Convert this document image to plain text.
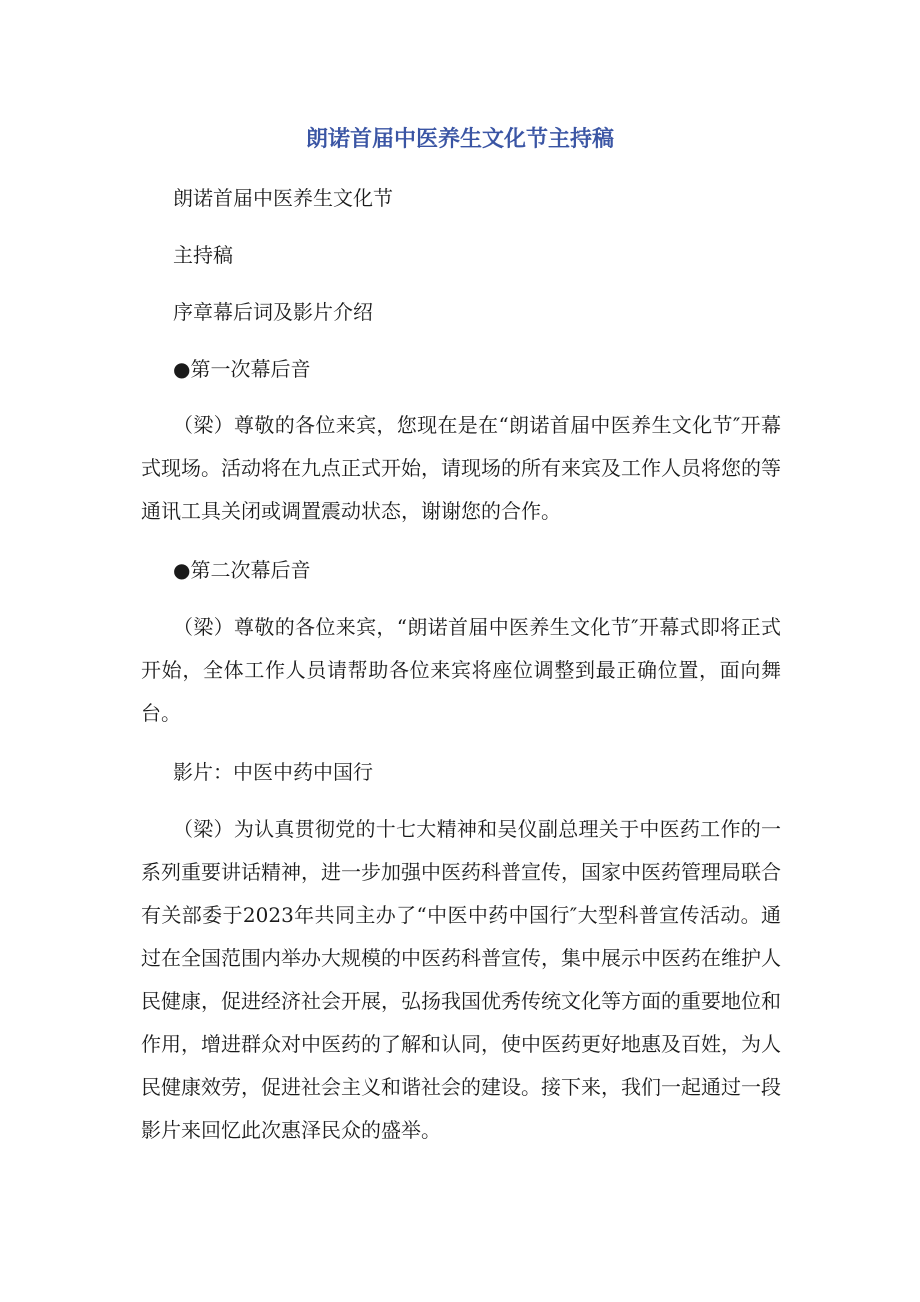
朗诺首届中医养生文化节主持稿

朗诺首届中医养生文化节

主持稿

序章幕后词及影片介绍

●第一次幕后音

（梁）尊敬的各位来宾，您现在是在“朗诺首届中医养生文化节″开幕式现场。活动将在九点正式开始，请现场的所有来宾及工作人员将您的等通讯工具关闭或调置震动状态，谢谢您的合作。

●第二次幕后音

（梁）尊敬的各位来宾，“朗诺首届中医养生文化节″开幕式即将正式开始，全体工作人员请帮助各位来宾将座位调整到最正确位置，面向舞台。

影片：中医中药中国行

（梁）为认真贯彻党的十七大精神和吴仪副总理关于中医药工作的一系列重要讲话精神，进一步加强中医药科普宣传，国家中医药管理局联合有关部委于2023年共同主办了“中医中药中国行″大型科普宣传活动。通过在全国范围内举办大规模的中医药科普宣传，集中展示中医药在维护人民健康，促进经济社会开展，弘扬我国优秀传统文化等方面的重要地位和作用，增进群众对中医药的了解和认同，使中医药更好地惠及百姓，为人民健康效劳，促进社会主义和谐社会的建设。接下来，我们一起通过一段影片来回忆此次惠泽民众的盛举。
